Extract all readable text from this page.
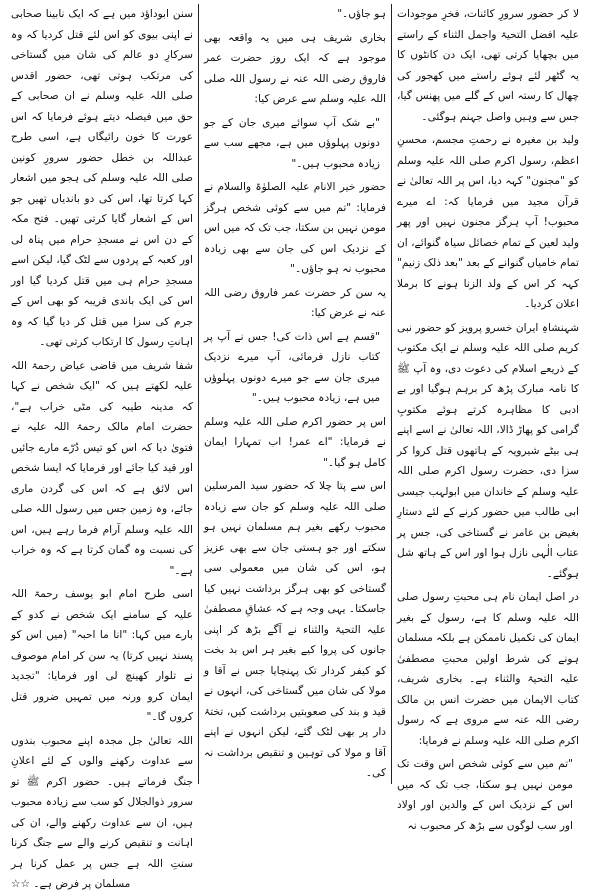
لا کر حضور سرورِ کائنات، فخرِ موجودات علیہ افضل التحیۃ واجمل الثناء کے راستے میں بچھایا کرتی تھی، ایک دن کانٹوں کا یہ گٹھر لئے ہوئے راستے میں کھجور کی چھال کا رستہ اس کے گلے میں پھنس گیا، جس سے وہیں واصل جہنم ہوگئی۔

ولید بن مغیرہ نے رحمتِ مجسم، محسنِ اعظم، رسول اکرم صلی اللہ علیہ وسلم کو "مجنون" کہہ دیا، اس پر اللہ تعالیٰ نے قرآن مجید میں فرمایا کہ: اے میرے محبوب! آپ ہرگز مجنون نہیں اور پھر ولید لعین کے تمام خصائل سیاہ گنوائے، ان تمام خامیاں گنوانے کے بعد "بعد ذلک زنیم" کہہ کر اس کے ولد الزنا ہونے کا برملا اعلان کردیا۔

شہنشاہِ ایران خسرو پرویز کو حضور نبی کریم صلی اللہ علیہ وسلم نے ایک مکتوب کے ذریعے اسلام کی دعوت دی، وہ آپ ﷺ کا نامہ مبارک پڑھ کر برہم ہوگیا اور بے ادبی کا مظاہرہ کرتے ہوئے مکتوبِ گرامی کو پھاڑ ڈالا، اللہ تعالیٰ نے اسے اپنے ہی بیٹے شیرویہ کے ہاتھوں قتل کروا کر سزا دی، حضرت رسول اکرم صلی اللہ علیہ وسلم کے خاندان میں ابولہب جیسی ابی طالب میں حضور کرنے کے لئے دستارِ بغیض بن عامر نے گستاخی کی، جس پر عتاب الٰہی نازل ہوا اور اس کے ہاتھ شل ہوگئے۔

در اصل ایمان نام ہی محبتِ رسول صلی اللہ علیہ وسلم کا ہے، رسول کے بغیر ایمان کی تکمیل ناممکن ہے بلکہ مسلمان ہونے کی شرط اولین محبتِ مصطفیٰ علیہ التحیۃ والثناء ہے۔ بخاری شریف، کتاب الایمان میں حضرت انس بن مالک رضی اللہ عنہ سے مروی ہے کہ رسول اکرم صلی اللہ علیہ وسلم نے فرمایا:

"تم میں سے کوئی شخص اس وقت تک مومن نہیں ہو سکتا، جب تک کہ میں اس کے نزدیک اس کے والدین اور اولاد اور سب لوگوں سے بڑھ کر محبوب نہ

ہو جاؤں۔"

بخاری شریف ہی میں یہ واقعہ بھی موجود ہے کہ ایک روز حضرت عمر فاروق رضی اللہ عنہ نے رسول اللہ صلی اللہ علیہ وسلم سے عرض کیا:

"بے شک آپ سوائے میری جان کے جو دونوں پہلوؤں میں ہے، مجھے سب سے زیادہ محبوب ہیں۔"

حضور خیر الانام علیہ الصلوٰۃ والسلام نے فرمایا: "تم میں سے کوئی شخص ہرگز مومن نہیں بن سکتا، جب تک کہ میں اس کے نزدیک اس کی جان سے بھی زیادہ محبوب نہ ہو جاؤں۔"

یہ سن کر حضرت عمر فاروق رضی اللہ عنہ نے عرض کیا:

"قسم ہے اس ذات کی! جس نے آپ پر کتاب نازل فرمائی، آپ میرے نزدیک میری جان سے جو میرے دونوں پہلوؤں میں ہے، زیادہ محبوب ہیں۔"

اس پر حضور اکرم صلی اللہ علیہ وسلم نے فرمایا: "اے عمر! اب تمہارا ایمان کامل ہو گیا۔"

اس سے پتا چلا کہ حضور سید المرسلین صلی اللہ علیہ وسلم کو جان سے زیادہ محبوب رکھے بغیر ہم مسلمان نہیں ہو سکتے اور جو ہستی جان سے بھی عزیز ہو، اس کی شان میں معمولی سی گستاخی کو بھی ہرگز برداشت نہیں کیا جاسکتا۔ یہی وجہ ہے کہ عشاقِ مصطفیٰ علیہ التحیۃ والثناء نے آگے بڑھ کر اپنی جانوں کی پروا کیے بغیر ہر اس بد بخت کو کیفر کردار تک پہنچایا جس نے آقا و مولا کی شان میں گستاخی کی، انہوں نے قید و بند کی صعوبتیں برداشت کیں، تختۂ دار پر بھی لٹک گئے، لیکن انہوں نے اپنے آقا و مولا کی توہین و تنقیص برداشت نہ کی۔

سنن ابوداؤد میں ہے کہ ایک نابینا صحابی نے اپنی بیوی کو اس لئے قتل کردیا کہ وہ سرکارِ دو عالم کی شان میں گستاخی کی مرتکب ہوتی تھی، حضور اقدس صلی اللہ علیہ وسلم نے ان صحابی کے حق میں فیصلہ دیتے ہوئے فرمایا کہ اس عورت کا خون رائیگاں ہے، اسی طرح عبداللہ بن خطل حضور سرورِ کونین صلی اللہ علیہ وسلم کی ہجو میں اشعار کہا کرتا تھا، اس کی دو باندیاں تھیں جو اس کے اشعار گایا کرتی تھیں۔ فتح مکہ کے دن اس نے مسجدِ حرام میں پناہ لی اور کعبہ کے پردوں سے لٹک گیا، لیکن اسے مسجدِ حرام ہی میں قتل کردیا گیا اور اس کی ایک باندی قریبہ کو بھی اس کے جرم کی سزا میں قتل کر دیا گیا کہ وہ اہانتِ رسول کا ارتکاب کرتی تھی۔

شفا شریف میں قاضی عیاض رحمۃ اللہ علیہ لکھتے ہیں کہ "ایک شخص نے کہا کہ مدینہ طیبہ کی مٹی خراب ہے"، حضرت امام مالک رحمۃ اللہ علیہ نے فتویٰ دیا کہ اس کو تیس دُرّے مارے جائیں اور قید کیا جائے اور فرمایا کہ ایسا شخص اس لائق ہے کہ اس کی گردن ماری جائے، وہ زمین جس میں رسول اللہ صلی اللہ علیہ وسلم آرام فرما رہے ہیں، اس کی نسبت وہ گمان کرتا ہے کہ وہ خراب ہے۔"

اسی طرح امام ابو یوسف رحمۃ اللہ علیہ کے سامنے ایک شخص نے کدو کے بارے میں کہا: "انا ما احبہ" (میں اس کو پسند نہیں کرتا) یہ سن کر امام موصوف نے تلوار کھینچ لی اور فرمایا: "تجدید ایمان کرو ورنہ میں تمہیں ضرور قتل کروں گا۔"

اللہ تعالیٰ جل مجدہ اپنے محبوب بندوں سے عداوت رکھنے والوں کے لئے اعلانِ جنگ فرماتے ہیں۔ حضور اکرم ﷺ تو سرور ذوالجلال کو سب سے زیادہ محبوب ہیں، ان سے عداوت رکھنے والے، ان کی اہانت و تنقیص کرنے والے سے جنگ کرنا سنتِ اللہ ہے جس پر عمل کرنا ہر مسلمان پر فرض ہے۔ ☆☆
